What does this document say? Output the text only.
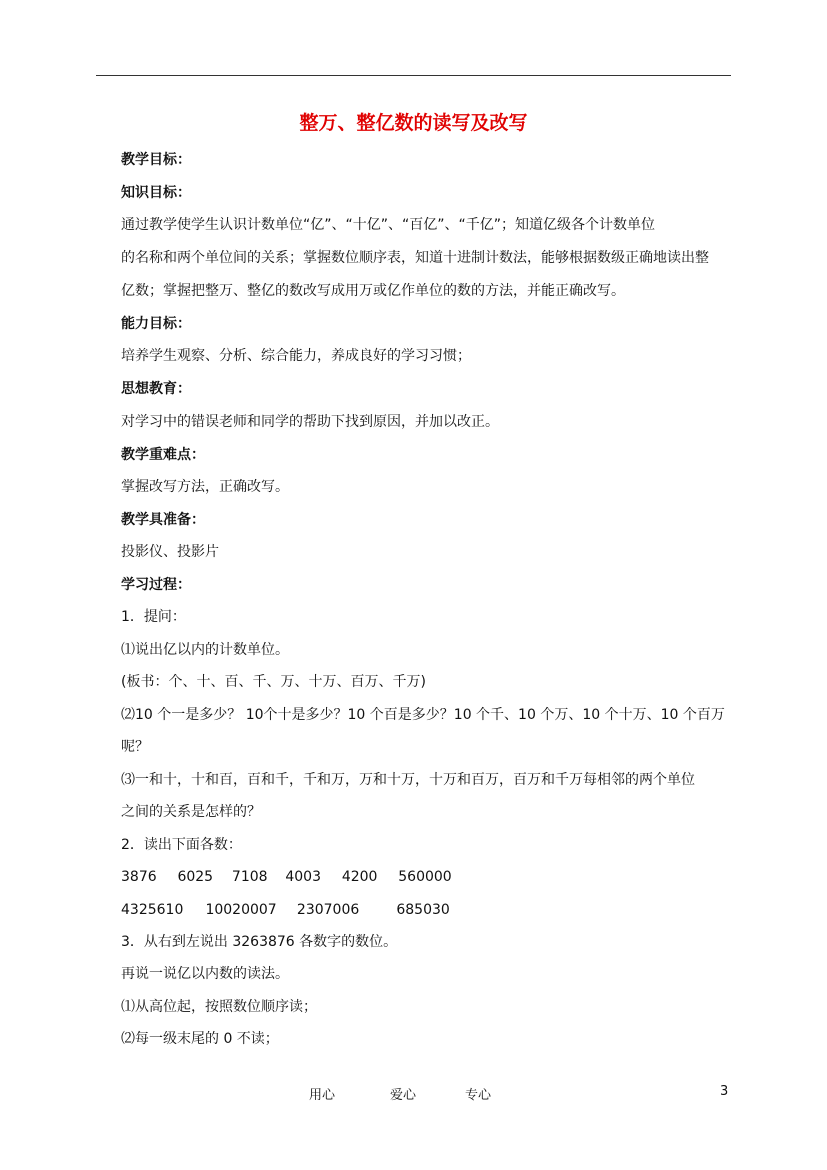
整万、整亿数的读写及改写
教学目标：
知识目标：
通过教学使学生认识计数单位“亿”、“十亿”、“百亿”、“千亿”；知道亿级各个计数单位
的名称和两个单位间的关系；掌握数位顺序表，知道十进制计数法，能够根据数级正确地读出整
亿数；掌握把整万、整亿的数改写成用万或亿作单位的数的方法，并能正确改写。
能力目标：
培养学生观察、分析、综合能力，养成良好的学习习惯；
思想教育：
对学习中的错误老师和同学的帮助下找到原因，并加以改正。
教学重难点：
掌握改写方法，正确改写。
教学具准备：
投影仪、投影片
学习过程：
1．提问：
⑴说出亿以内的计数单位。
(板书：个、十、百、千、万、十万、百万、千万)
⑵10 个一是多少？ 10个十是多少？10 个百是多少？10 个千、10 个万、10 个十万、10 个百万
呢？
⑶一和十，十和百，百和千，千和万，万和十万，十万和百万，百万和千万每相邻的两个单位
之间的关系是怎样的？
2．读出下面各数：
3876 6025 7108 4003 4200 560000
4325610 10020007 2307006	685030
3．从右到左说出 3263876 各数字的数位。
再说一说亿以内数的读法。
⑴从高位起，按照数位顺序读；
⑵每一级末尾的 0 不读；
用心	爱心	专心	3
